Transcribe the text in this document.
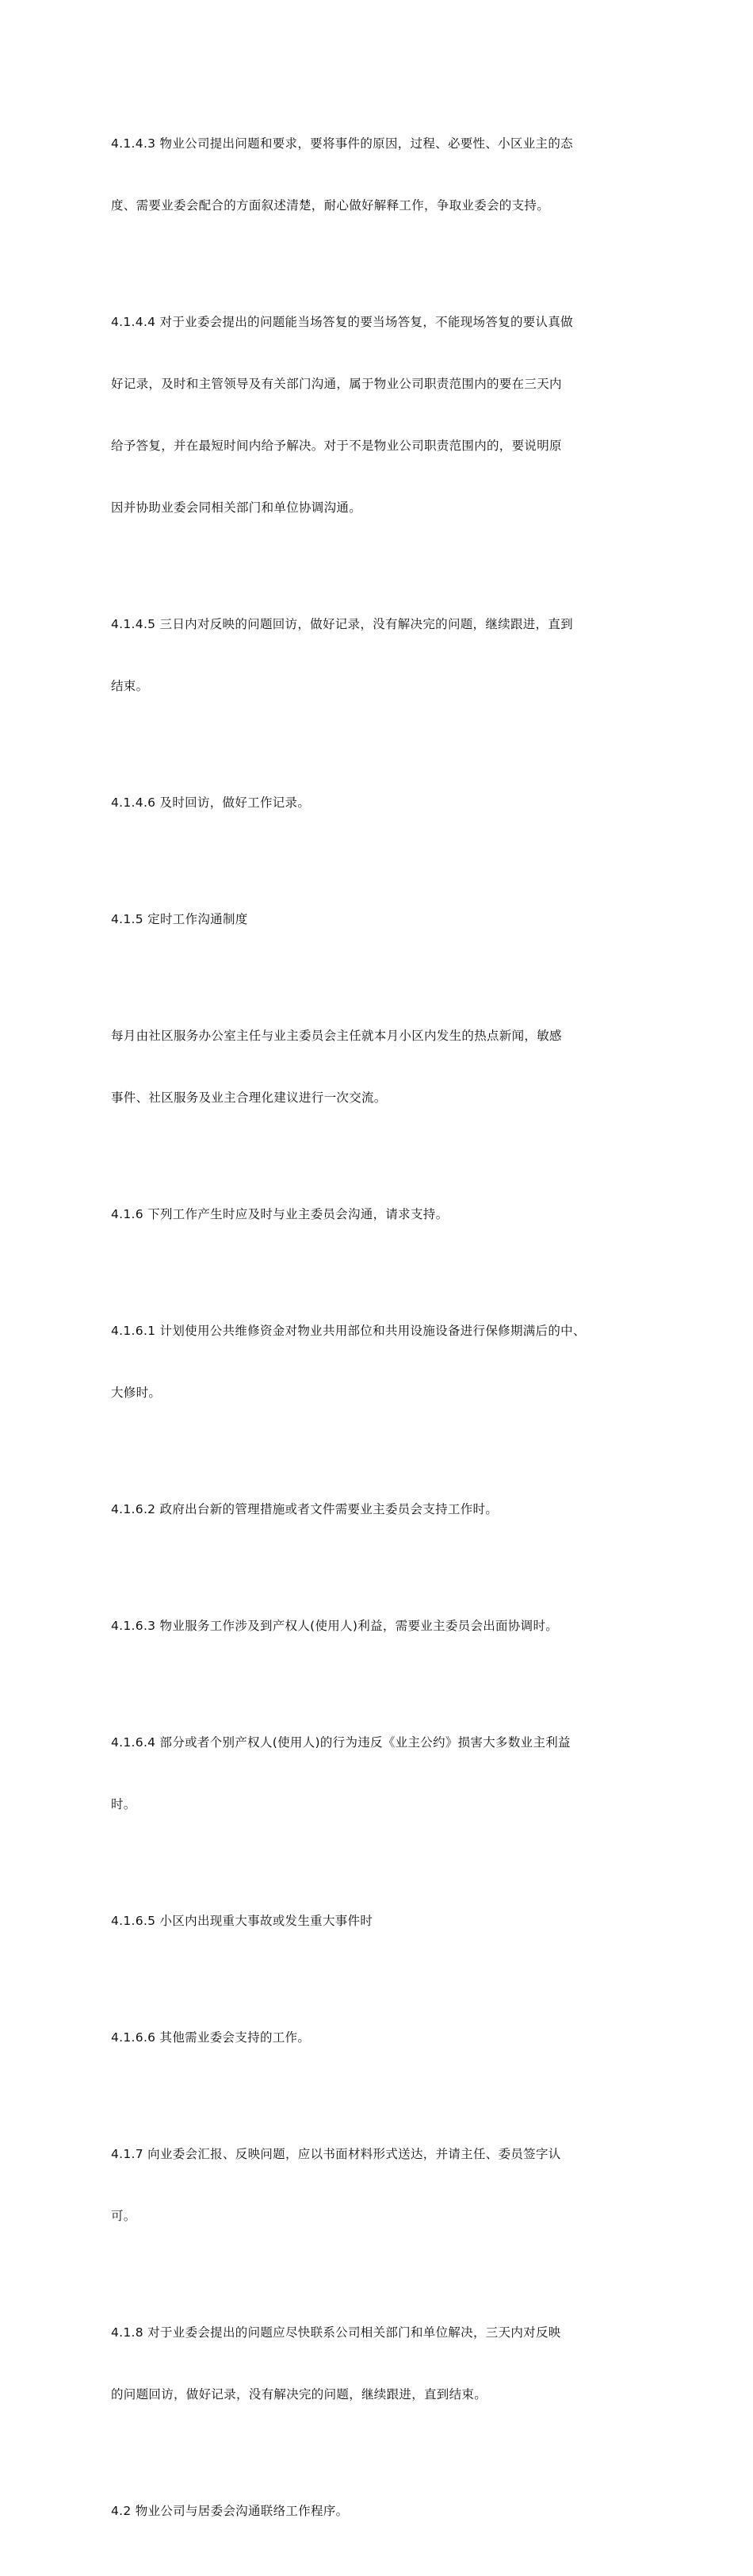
4.1.4.3 物业公司提出问题和要求，要将事件的原因，过程、必要性、小区业主的态

度、需要业委会配合的方面叙述清楚，耐心做好解释工作，争取业委会的支持。

4.1.4.4 对于业委会提出的问题能当场答复的要当场答复，不能现场答复的要认真做

好记录，及时和主管领导及有关部门沟通，属于物业公司职责范围内的要在三天内

给予答复，并在最短时间内给予解决。对于不是物业公司职责范围内的，要说明原

因并协助业委会同相关部门和单位协调沟通。

4.1.4.5 三日内对反映的问题回访，做好记录，没有解决完的问题，继续跟进，直到

结束。

4.1.4.6 及时回访，做好工作记录。

4.1.5 定时工作沟通制度

每月由社区服务办公室主任与业主委员会主任就本月小区内发生的热点新闻，敏感

事件、社区服务及业主合理化建议进行一次交流。

4.1.6 下列工作产生时应及时与业主委员会沟通，请求支持。

4.1.6.1 计划使用公共维修资金对物业共用部位和共用设施设备进行保修期满后的中、

大修时。

4.1.6.2 政府出台新的管理措施或者文件需要业主委员会支持工作时。

4.1.6.3 物业服务工作涉及到产权人(使用人)利益，需要业主委员会出面协调时。

4.1.6.4 部分或者个别产权人(使用人)的行为违反《业主公约》损害大多数业主利益

时。

4.1.6.5 小区内出现重大事故或发生重大事件时

4.1.6.6 其他需业委会支持的工作。

4.1.7 向业委会汇报、反映问题，应以书面材料形式送达，并请主任、委员签字认

可。

4.1.8 对于业委会提出的问题应尽快联系公司相关部门和单位解决，三天内对反映

的问题回访，做好记录，没有解决完的问题，继续跟进，直到结束。

4.2 物业公司与居委会沟通联络工作程序。
